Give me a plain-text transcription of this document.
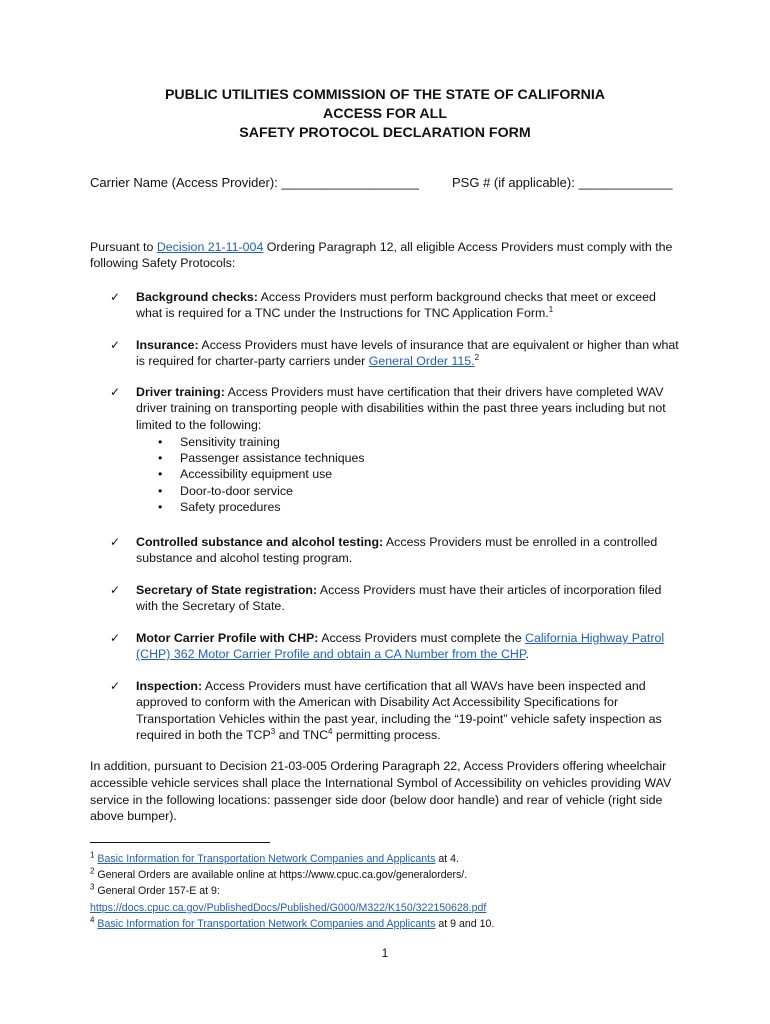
PUBLIC UTILITIES COMMISSION OF THE STATE OF CALIFORNIA
ACCESS FOR ALL
SAFETY PROTOCOL DECLARATION FORM
Carrier Name (Access Provider): ___________________	PSG # (if applicable): _____________
Pursuant to Decision 21-11-004 Ordering Paragraph 12, all eligible Access Providers must comply with the following Safety Protocols:
✓ Background checks: Access Providers must perform background checks that meet or exceed what is required for a TNC under the Instructions for TNC Application Form.$^1$
✓ Insurance: Access Providers must have levels of insurance that are equivalent or higher than what is required for charter-party carriers under General Order 115.$^2$
✓ Driver training: Access Providers must have certification that their drivers have completed WAV driver training on transporting people with disabilities within the past three years including but not limited to the following:
• Sensitivity training
• Passenger assistance techniques
• Accessibility equipment use
• Door-to-door service
• Safety procedures
✓ Controlled substance and alcohol testing: Access Providers must be enrolled in a controlled substance and alcohol testing program.
✓ Secretary of State registration: Access Providers must have their articles of incorporation filed with the Secretary of State.
✓ Motor Carrier Profile with CHP: Access Providers must complete the California Highway Patrol (CHP) 362 Motor Carrier Profile and obtain a CA Number from the CHP.
✓ Inspection: Access Providers must have certification that all WAVs have been inspected and approved to conform with the American with Disability Act Accessibility Specifications for Transportation Vehicles within the past year, including the “19-point” vehicle safety inspection as required in both the TCP$^3$ and TNC$^4$ permitting process.
In addition, pursuant to Decision 21-03-005 Ordering Paragraph 22, Access Providers offering wheelchair accessible vehicle services shall place the International Symbol of Accessibility on vehicles providing WAV service in the following locations: passenger side door (below door handle) and rear of vehicle (right side above bumper).
$^1$ Basic Information for Transportation Network Companies and Applicants at 4.
$^2$ General Orders are available online at https://www.cpuc.ca.gov/generalorders/.
$^3$ General Order 157-E at 9:
https://docs.cpuc.ca.gov/PublishedDocs/Published/G000/M322/K150/322150628.pdf
$^4$ Basic Information for Transportation Network Companies and Applicants at 9 and 10.
1
